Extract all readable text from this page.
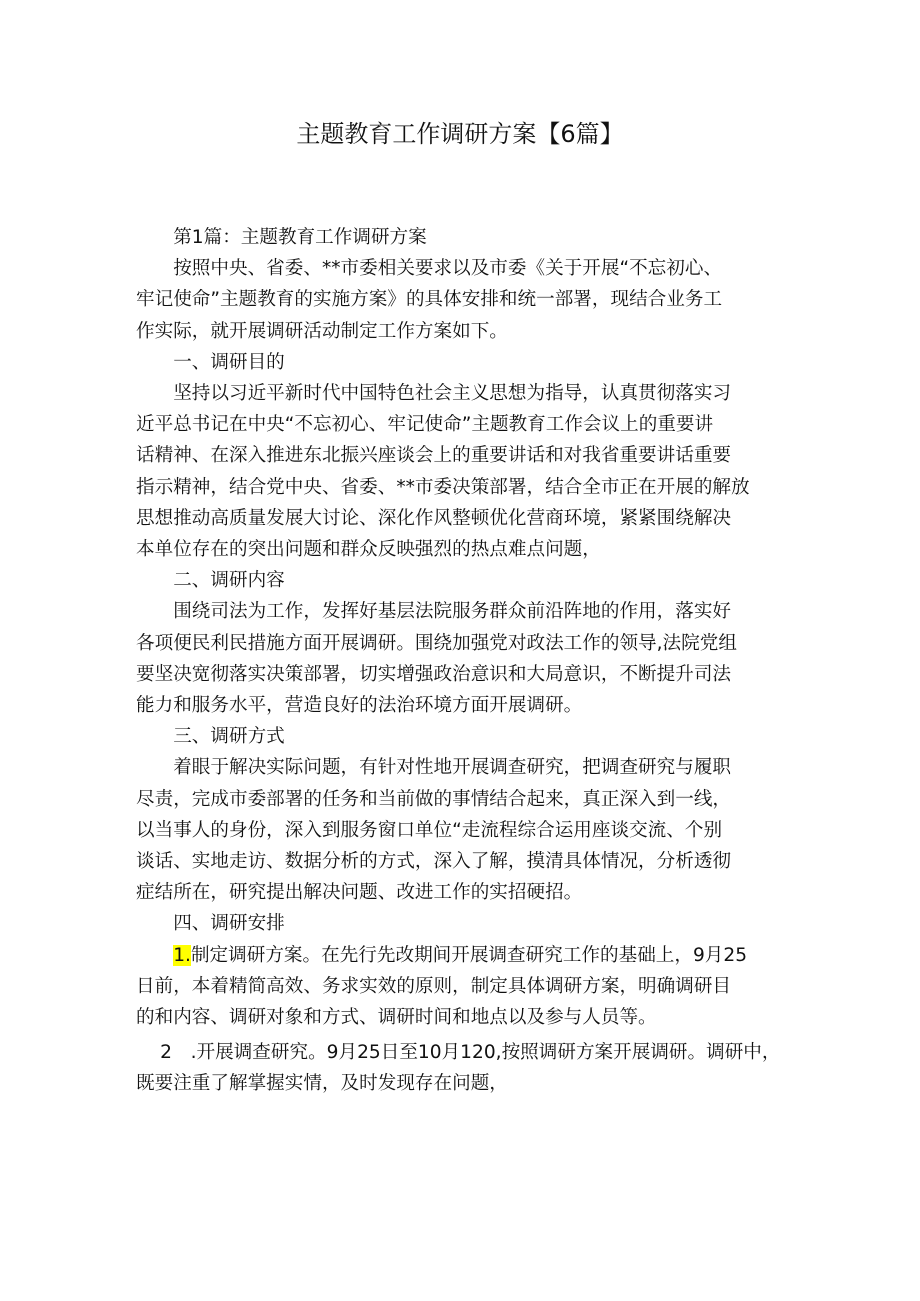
主题教育工作调研方案【6篇】

第1篇：主题教育工作调研方案

按照中央、省委、**市委相关要求以及市委《关于开展“不忘初心、

牢记使命”主题教育的实施方案》的具体安排和统一部署，现结合业务工

作实际，就开展调研活动制定工作方案如下。

一、调研目的

坚持以习近平新时代中国特色社会主义思想为指导，认真贯彻落实习

近平总书记在中央“不忘初心、牢记使命”主题教育工作会议上的重要讲

话精神、在深入推进东北振兴座谈会上的重要讲话和对我省重要讲话重要

指示精神，结合党中央、省委、**市委决策部署，结合全市正在开展的解放

思想推动高质量发展大讨论、深化作风整顿优化营商环境，紧紧围绕解决

本单位存在的突出问题和群众反映强烈的热点难点问题，

二、调研内容

围绕司法为工作，发挥好基层法院服务群众前沿阵地的作用，落实好

各项便民利民措施方面开展调研。围绕加强党对政法工作的领导,法院党组

要坚决宽彻落实决策部署，切实增强政治意识和大局意识，不断提升司法

能力和服务水平，营造良好的法治环境方面开展调研。

三、调研方式

着眼于解决实际问题，有针对性地开展调查研究，把调查研究与履职

尽责，完成市委部署的任务和当前做的事情结合起来，真正深入到一线，

以当事人的身份，深入到服务窗口单位“走流程综合运用座谈交流、个别

谈话、实地走访、数据分析的方式，深入了解，摸清具体情况，分析透彻

症结所在，研究提出解决问题、改进工作的实招硬招。

四、调研安排

1.制定调研方案。在先行先改期间开展调查研究工作的基础上，9月25

日前，本着精简高效、务求实效的原则，制定具体调研方案，明确调研目

的和内容、调研对象和方式、调研时间和地点以及参与人员等。

2　.开展调查研究。9月25日至10月120,按照调研方案开展调研。调研中，

既要注重了解掌握实情，及时发现存在问题，
